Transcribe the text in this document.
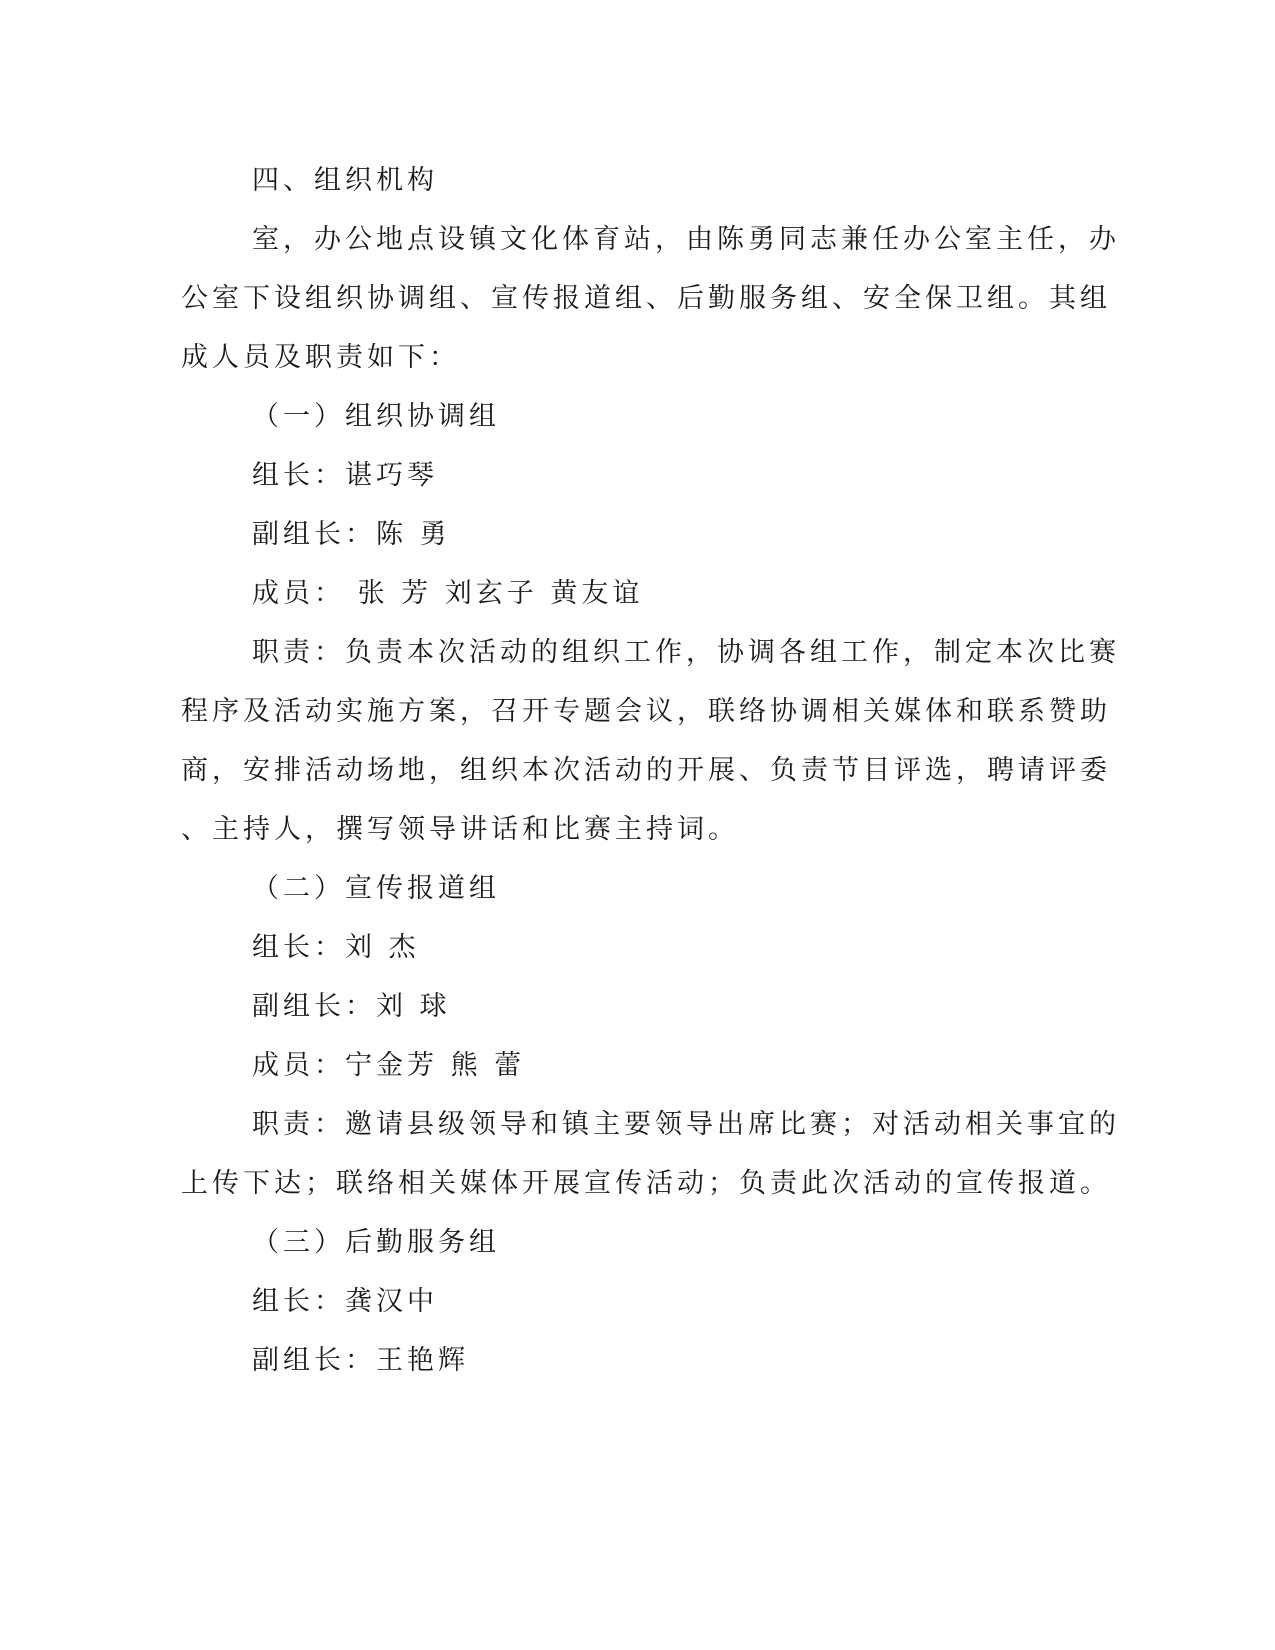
四、组织机构
室，办公地点设镇文化体育站，由陈勇同志兼任办公室主任，办
公室下设组织协调组、宣传报道组、后勤服务组、安全保卫组。其组
成人员及职责如下：
（一）组织协调组
组长：谌巧琴
副组长：陈 勇
成员： 张 芳 刘玄子 黄友谊
职责：负责本次活动的组织工作，协调各组工作，制定本次比赛
程序及活动实施方案，召开专题会议，联络协调相关媒体和联系赞助
商，安排活动场地，组织本次活动的开展、负责节目评选，聘请评委
、主持人，撰写领导讲话和比赛主持词。
（二）宣传报道组
组长：刘 杰
副组长：刘 球
成员：宁金芳 熊 蕾
职责：邀请县级领导和镇主要领导出席比赛；对活动相关事宜的
上传下达；联络相关媒体开展宣传活动；负责此次活动的宣传报道。
（三）后勤服务组
组长：龚汉中
副组长：王艳辉
